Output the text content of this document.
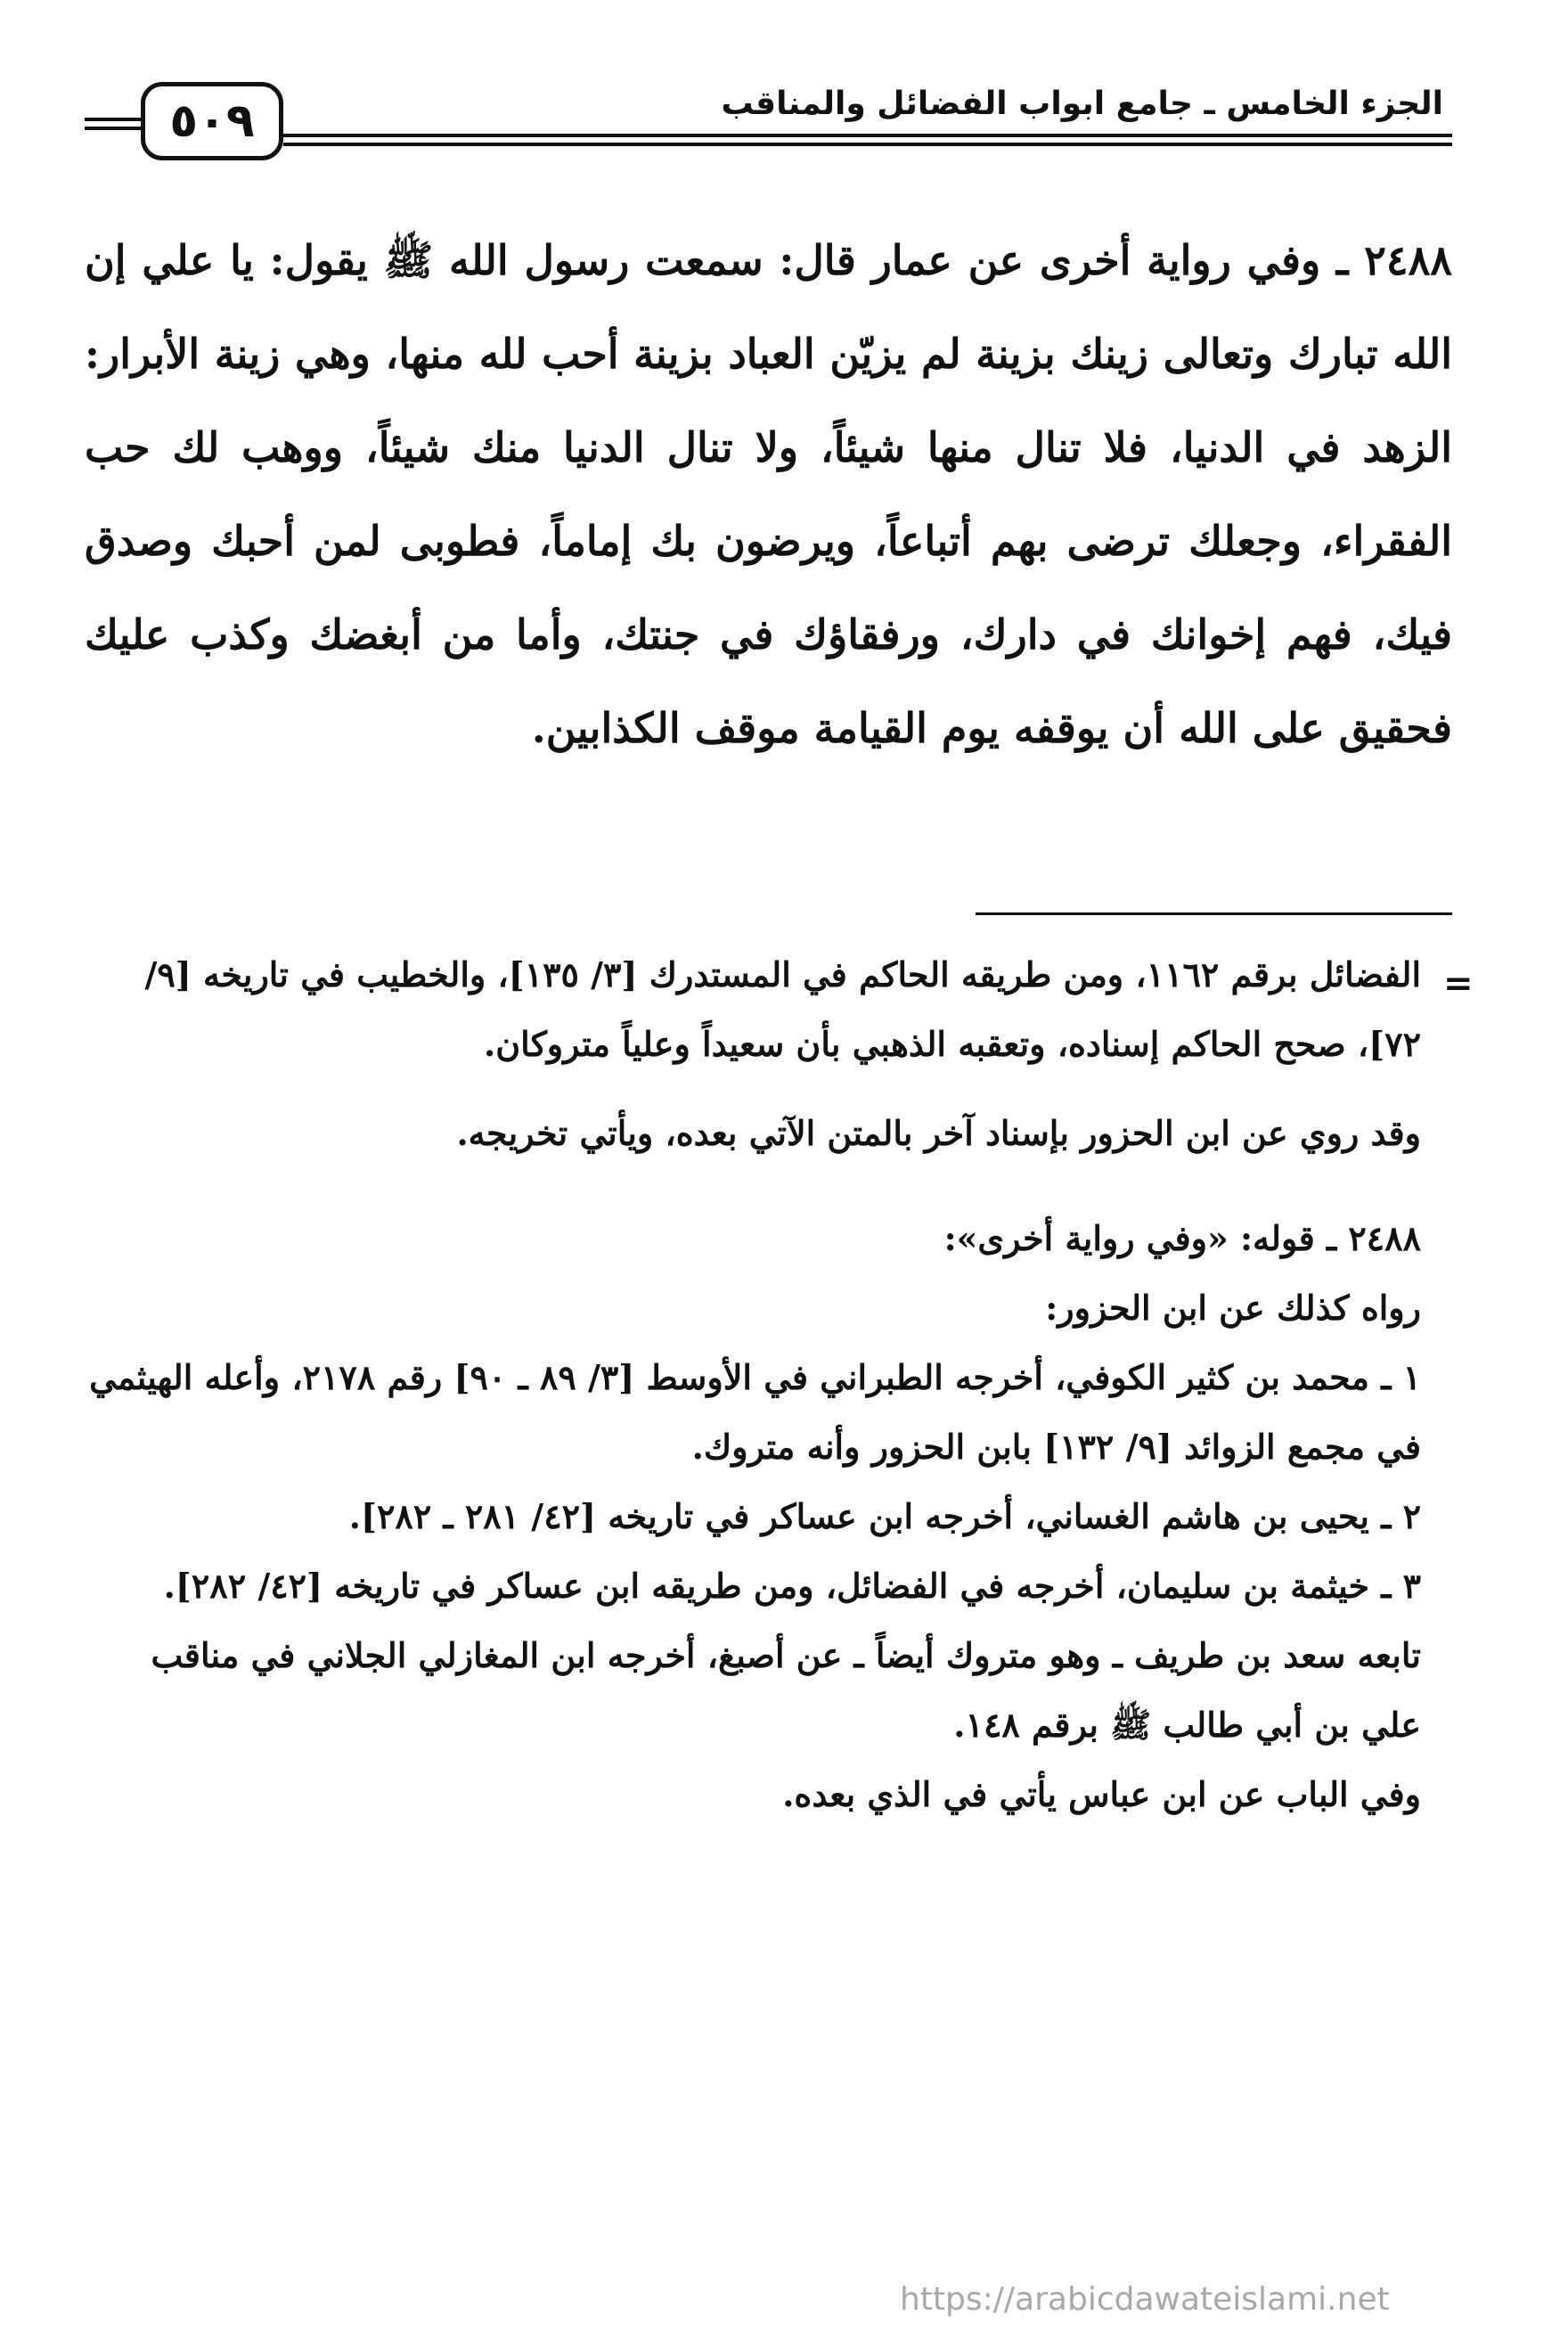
٥٠٩	الجزء الخامس ـ جامع ابواب الفضائل والمناقب

٢٤٨٨ ـ وفي رواية أخرى عن عمار قال: سمعت رسول الله ﷺ يقول: يا علي إن الله تبارك وتعالى زينك بزينة لم يزيّن العباد بزينة أحب لله منها، وهي زينة الأبرار: الزهد في الدنيا، فلا تنال منها شيئاً، ولا تنال الدنيا منك شيئاً، ووهب لك حب الفقراء، وجعلك ترضى بهم أتباعاً، ويرضون بك إماماً، فطوبى لمن أحبك وصدق فيك، فهم إخوانك في دارك، ورفقاؤك في جنتك، وأما من أبغضك وكذب عليك فحقيق على الله أن يوقفه يوم القيامة موقف الكذابين.

=

الفضائل برقم ١١٦٢، ومن طريقه الحاكم في المستدرك [٣/ ١٣٥]، والخطيب في تاريخه [٩/ ٧٢]، صحح الحاكم إسناده، وتعقبه الذهبي بأن سعيداً وعلياً متروكان.

وقد روي عن ابن الحزور بإسناد آخر بالمتن الآتي بعده، ويأتي تخريجه.

٢٤٨٨ ـ قوله: «وفي رواية أخرى»:

رواه كذلك عن ابن الحزور:

١ ـ محمد بن كثير الكوفي، أخرجه الطبراني في الأوسط [٣/ ٨٩ ـ ٩٠] رقم ٢١٧٨، وأعله الهيثمي في مجمع الزوائد [٩/ ١٣٢] بابن الحزور وأنه متروك.

٢ ـ يحيى بن هاشم الغساني، أخرجه ابن عساكر في تاريخه [٤٢/ ٢٨١ ـ ٢٨٢].

٣ ـ خيثمة بن سليمان، أخرجه في الفضائل، ومن طريقه ابن عساكر في تاريخه [٤٢/ ٢٨٢].

تابعه سعد بن طريف ـ وهو متروك أيضاً ـ عن أصبغ، أخرجه ابن المغازلي الجلاني في مناقب علي بن أبي طالب ﷺ برقم ١٤٨.

وفي الباب عن ابن عباس يأتي في الذي بعده.

https://arabicdawateislami.net
